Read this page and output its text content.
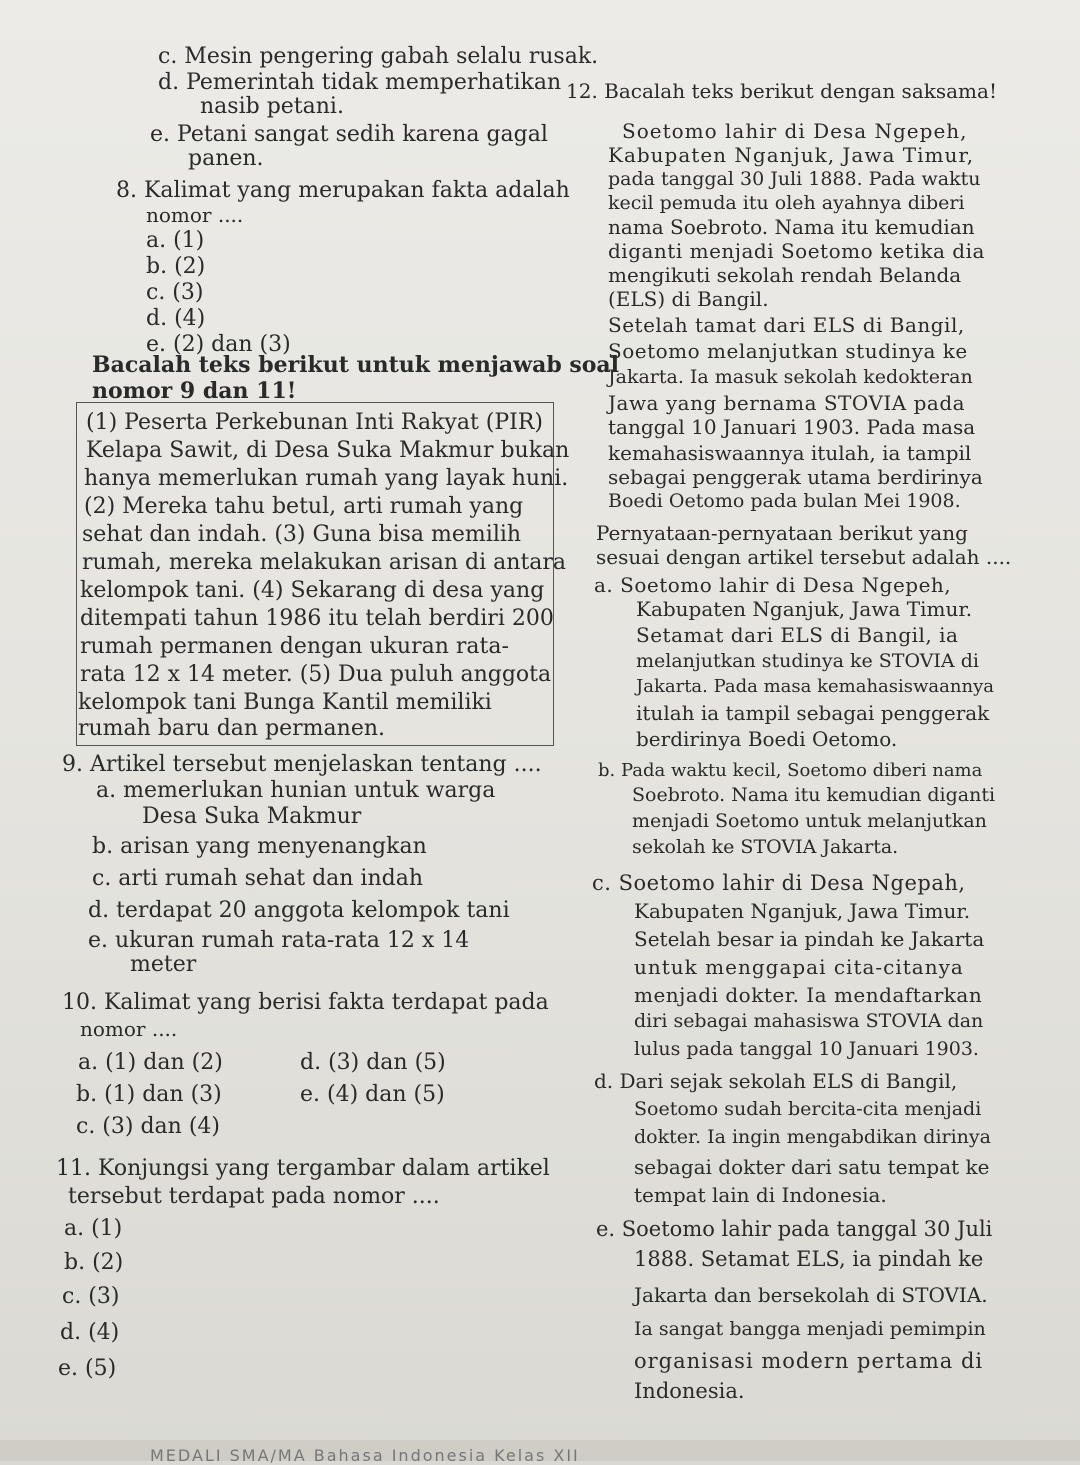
c. Mesin pengering gabah selalu rusak.
d. Pemerintah tidak memperhatikan
nasib petani.
e. Petani sangat sedih karena gagal
panen.
8. Kalimat yang merupakan fakta adalah
nomor ....
a. (1)
b. (2)
c. (3)
d. (4)
e. (2) dan (3)
Bacalah teks berikut untuk menjawab soal
nomor 9 dan 11!
(1) Peserta Perkebunan Inti Rakyat (PIR)
Kelapa Sawit, di Desa Suka Makmur bukan
hanya memerlukan rumah yang layak huni.
(2) Mereka tahu betul, arti rumah yang
sehat dan indah. (3) Guna bisa memilih
rumah, mereka melakukan arisan di antara
kelompok tani. (4) Sekarang di desa yang
ditempati tahun 1986 itu telah berdiri 200
rumah permanen dengan ukuran rata-
rata 12 x 14 meter. (5) Dua puluh anggota
kelompok tani Bunga Kantil memiliki
rumah baru dan permanen.
9. Artikel tersebut menjelaskan tentang ....
a. memerlukan hunian untuk warga
Desa Suka Makmur
b. arisan yang menyenangkan
c. arti rumah sehat dan indah
d. terdapat 20 anggota kelompok tani
e. ukuran rumah rata-rata 12 x 14
meter
10. Kalimat yang berisi fakta terdapat pada
nomor ....
a. (1) dan (2)	d. (3) dan (5)
b. (1) dan (3)	e. (4) dan (5)
c. (3) dan (4)
11. Konjungsi yang tergambar dalam artikel
tersebut terdapat pada nomor ....
a. (1)
b. (2)
c. (3)
d. (4)
e. (5)
12. Bacalah teks berikut dengan saksama!
Soetomo lahir di Desa Ngepeh,
Kabupaten Nganjuk, Jawa Timur,
pada tanggal 30 Juli 1888. Pada waktu
kecil pemuda itu oleh ayahnya diberi
nama Soebroto. Nama itu kemudian
diganti menjadi Soetomo ketika dia
mengikuti sekolah rendah Belanda
(ELS) di Bangil.
Setelah tamat dari ELS di Bangil,
Soetomo melanjutkan studinya ke
Jakarta. Ia masuk sekolah kedokteran
Jawa yang bernama STOVIA pada
tanggal 10 Januari 1903. Pada masa
kemahasiswaannya itulah, ia tampil
sebagai penggerak utama berdirinya
Boedi Oetomo pada bulan Mei 1908.
Pernyataan-pernyataan berikut yang
sesuai dengan artikel tersebut adalah ....
a. Soetomo lahir di Desa Ngepeh,
Kabupaten Nganjuk, Jawa Timur.
Setamat dari ELS di Bangil, ia
melanjutkan studinya ke STOVIA di
Jakarta. Pada masa kemahasiswaannya
itulah ia tampil sebagai penggerak
berdirinya Boedi Oetomo.
b. Pada waktu kecil, Soetomo diberi nama
Soebroto. Nama itu kemudian diganti
menjadi Soetomo untuk melanjutkan
sekolah ke STOVIA Jakarta.
c. Soetomo lahir di Desa Ngepah,
Kabupaten Nganjuk, Jawa Timur.
Setelah besar ia pindah ke Jakarta
untuk menggapai cita-citanya
menjadi dokter. Ia mendaftarkan
diri sebagai mahasiswa STOVIA dan
lulus pada tanggal 10 Januari 1903.
d. Dari sejak sekolah ELS di Bangil,
Soetomo sudah bercita-cita menjadi
dokter. Ia ingin mengabdikan dirinya
sebagai dokter dari satu tempat ke
tempat lain di Indonesia.
e. Soetomo lahir pada tanggal 30 Juli
1888. Setamat ELS, ia pindah ke
Jakarta dan bersekolah di STOVIA.
Ia sangat bangga menjadi pemimpin
organisasi modern pertama di
Indonesia.
MEDALI SMA/MA Bahasa Indonesia Kelas XII
